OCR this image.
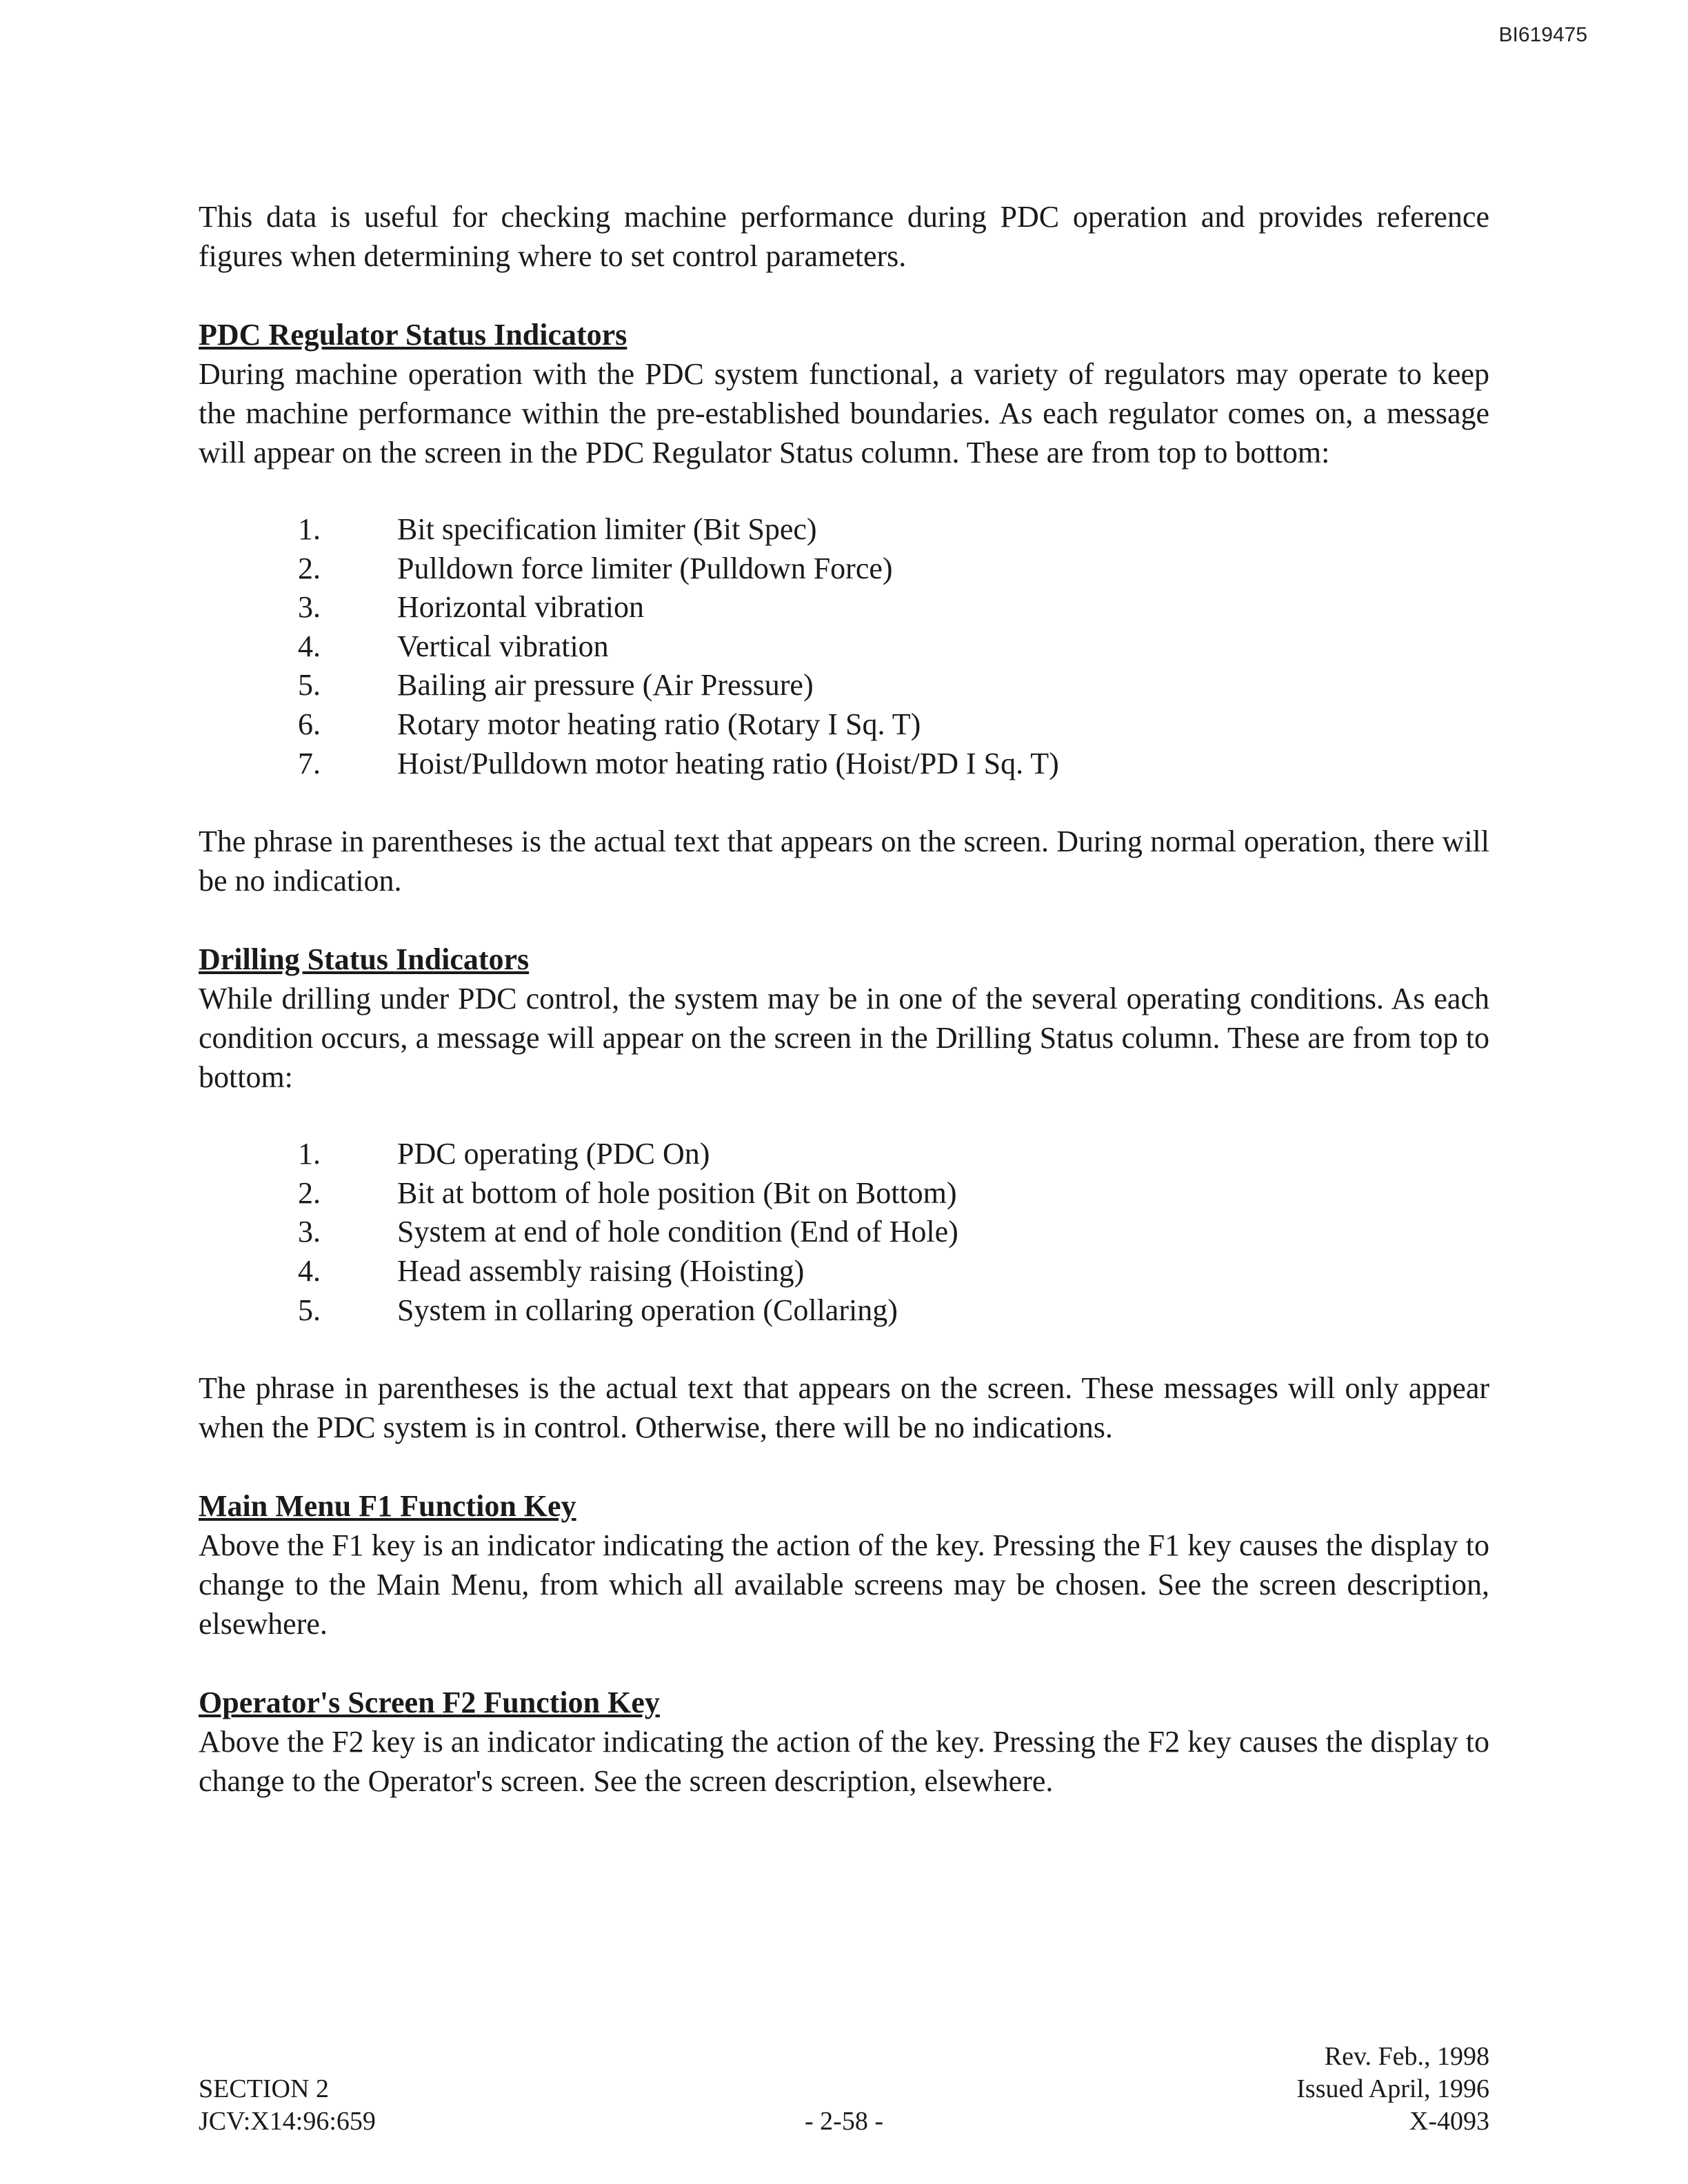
BI619475

This data is useful for checking machine performance during PDC operation and provides reference figures when determining where to set control parameters.

PDC Regulator Status Indicators

During machine operation with the PDC system functional, a variety of regulators may operate to keep the machine performance within the pre-established boundaries. As each regulator comes on, a message will appear on the screen in the PDC Regulator Status column. These are from top to bottom:

1.	Bit specification limiter (Bit Spec)
2.	Pulldown force limiter (Pulldown Force)
3.	Horizontal vibration
4.	Vertical vibration
5.	Bailing air pressure (Air Pressure)
6.	Rotary motor heating ratio (Rotary I Sq. T)
7.	Hoist/Pulldown motor heating ratio (Hoist/PD I Sq. T)

The phrase in parentheses is the actual text that appears on the screen. During normal operation, there will be no indication.

Drilling Status Indicators

While drilling under PDC control, the system may be in one of the several operating conditions. As each condition occurs, a message will appear on the screen in the Drilling Status column. These are from top to bottom:

1.	PDC operating (PDC On)
2.	Bit at bottom of hole position (Bit on Bottom)
3.	System at end of hole condition (End of Hole)
4.	Head assembly raising (Hoisting)
5.	System in collaring operation (Collaring)

The phrase in parentheses is the actual text that appears on the screen. These messages will only appear when the PDC system is in control. Otherwise, there will be no indications.

Main Menu F1 Function Key

Above the F1 key is an indicator indicating the action of the key. Pressing the F1 key causes the display to change to the Main Menu, from which all available screens may be chosen. See the screen description, elsewhere.

Operator's Screen F2 Function Key

Above the F2 key is an indicator indicating the action of the key. Pressing the F2 key causes the display to change to the Operator's screen. See the screen description, elsewhere.

SECTION 2
JCV:X14:96:659	- 2-58 -
Rev. Feb., 1998
Issued April, 1996
X-4093
